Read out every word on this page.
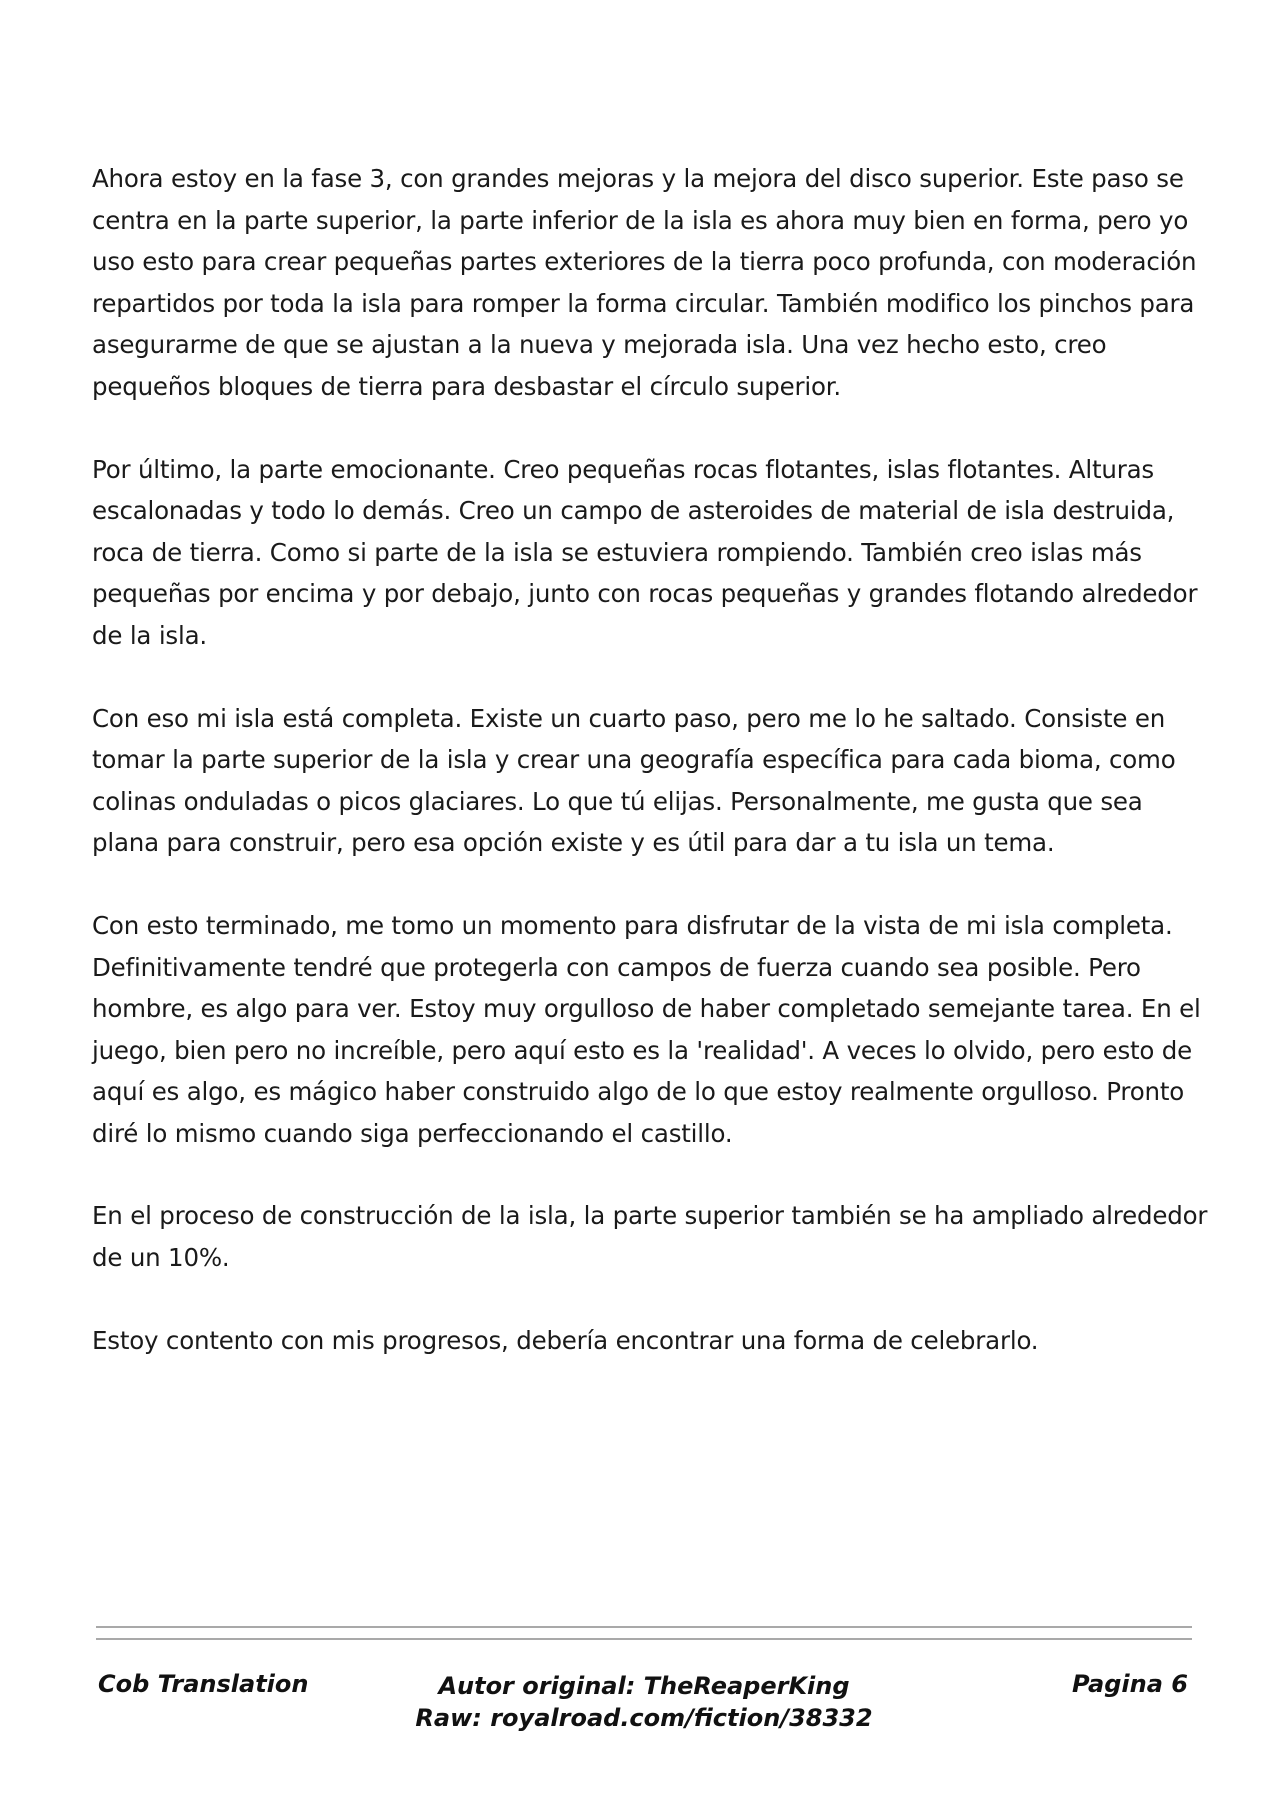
Ahora estoy en la fase 3, con grandes mejoras y la mejora del disco superior. Este paso se centra en la parte superior, la parte inferior de la isla es ahora muy bien en forma, pero yo uso esto para crear pequeñas partes exteriores de la tierra poco profunda, con moderación repartidos por toda la isla para romper la forma circular. También modifico los pinchos para asegurarme de que se ajustan a la nueva y mejorada isla. Una vez hecho esto, creo pequeños bloques de tierra para desbastar el círculo superior.

Por último, la parte emocionante. Creo pequeñas rocas flotantes, islas flotantes. Alturas escalonadas y todo lo demás. Creo un campo de asteroides de material de isla destruida, roca de tierra. Como si parte de la isla se estuviera rompiendo. También creo islas más pequeñas por encima y por debajo, junto con rocas pequeñas y grandes flotando alrededor de la isla.

Con eso mi isla está completa. Existe un cuarto paso, pero me lo he saltado. Consiste en tomar la parte superior de la isla y crear una geografía específica para cada bioma, como colinas onduladas o picos glaciares. Lo que tú elijas. Personalmente, me gusta que sea plana para construir, pero esa opción existe y es útil para dar a tu isla un tema.

Con esto terminado, me tomo un momento para disfrutar de la vista de mi isla completa. Definitivamente tendré que protegerla con campos de fuerza cuando sea posible. Pero hombre, es algo para ver. Estoy muy orgulloso de haber completado semejante tarea. En el juego, bien pero no increíble, pero aquí esto es la 'realidad'. A veces lo olvido, pero esto de aquí es algo, es mágico haber construido algo de lo que estoy realmente orgulloso. Pronto diré lo mismo cuando siga perfeccionando el castillo.

En el proceso de construcción de la isla, la parte superior también se ha ampliado alrededor de un 10%.

Estoy contento con mis progresos, debería encontrar una forma de celebrarlo.

Cob Translation	Autor original: TheReaperKing
Raw: royalroad.com/fiction/38332
Pagina 6
